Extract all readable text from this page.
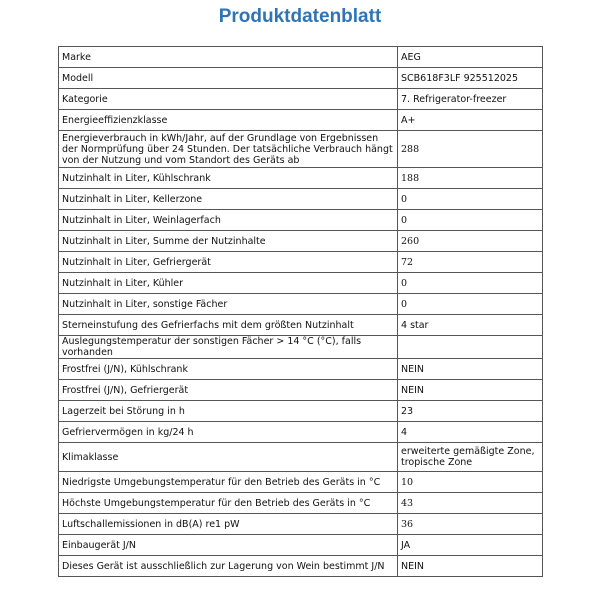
Produktdatenblatt
Marke	AEG
Modell	SCB618F3LF 925512025
Kategorie	7. Refrigerator-freezer
Energieeffizienzklasse	A+
Energieverbrauch in kWh/Jahr, auf der Grundlage von Ergebnissen der Normprüfung über 24 Stunden. Der tatsächliche Verbrauch hängt von der Nutzung und vom Standort des Geräts ab	288
Nutzinhalt in Liter, Kühlschrank	188
Nutzinhalt in Liter, Kellerzone	0
Nutzinhalt in Liter, Weinlagerfach	0
Nutzinhalt in Liter, Summe der Nutzinhalte	260
Nutzinhalt in Liter, Gefriergerät	72
Nutzinhalt in Liter, Kühler	0
Nutzinhalt in Liter, sonstige Fächer	0
Sterneinstufung des Gefrierfachs mit dem größten Nutzinhalt	4 star
Auslegungstemperatur der sonstigen Fächer > 14 °C (°C), falls vorhanden	
Frostfrei (J/N), Kühlschrank	NEIN
Frostfrei (J/N), Gefriergerät	NEIN
Lagerzeit bei Störung in h	23
Gefriervermögen in kg/24 h	4
Klimaklasse	erweiterte gemäßigte Zone, tropische Zone
Niedrigste Umgebungstemperatur für den Betrieb des Geräts in °C	10
Höchste Umgebungstemperatur für den Betrieb des Geräts in °C	43
Luftschallemissionen in dB(A) re1 pW	36
Einbaugerät J/N	JA
Dieses Gerät ist ausschließlich zur Lagerung von Wein bestimmt J/N	NEIN
